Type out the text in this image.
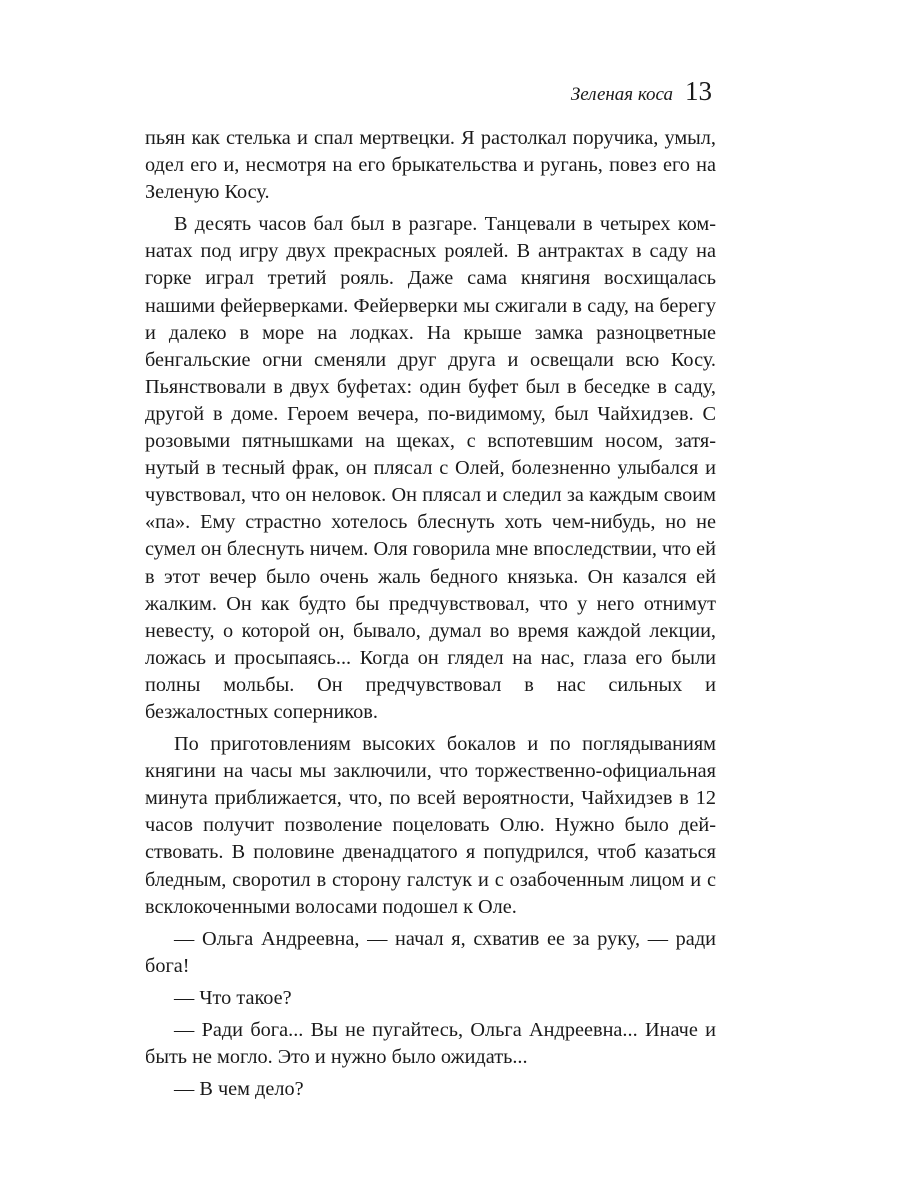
Зеленая коса 13

пьян как стелька и спал мертвецки. Я растолкал поручика, умыл, одел его и, несмотря на его брыкательства и ругань, повез его на Зеленую Косу.

В десять часов бал был в разгаре. Танцевали в четырех комнатах под игру двух прекрасных роялей. В антрактах в саду на горке играл третий рояль. Даже сама княгиня восхищалась нашими фейерверками. Фейерверки мы сжигали в саду, на берегу и далеко в море на лодках. На крыше замка разноцветные бенгальские огни сменяли друг друга и освещали всю Косу. Пьянствовали в двух буфетах: один буфет был в беседке в саду, другой в доме. Героем вечера, по-видимому, был Чайхидзев. С розовыми пятнышками на щеках, с вспотевшим носом, затянутый в тесный фрак, он плясал с Олей, болезненно улыбался и чувствовал, что он неловок. Он плясал и следил за каждым своим «па». Ему страстно хотелось блеснуть хоть чем-нибудь, но не сумел он блеснуть ничем. Оля говорила мне впоследствии, что ей в этот вечер было очень жаль бедного князька. Он казался ей жалким. Он как будто бы предчувствовал, что у него отнимут невесту, о которой он, бывало, думал во время каждой лекции, ложась и просыпаясь... Когда он глядел на нас, глаза его были полны мольбы. Он предчувствовал в нас сильных и безжалостных соперников.

По приготовлениям высоких бокалов и по поглядываниям княгини на часы мы заключили, что торжественно-официальная минута приближается, что, по всей вероятности, Чайхидзев в 12 часов получит позволение поцеловать Олю. Нужно было действовать. В половине двенадцатого я попудрился, чтоб казаться бледным, своротил в сторону галстук и с озабоченным лицом и с всклокоченными волосами подошел к Оле.

— Ольга Андреевна, — начал я, схватив ее за руку, — ради бога!

— Что такое?

— Ради бога... Вы не пугайтесь, Ольга Андреевна... Иначе и быть не могло. Это и нужно было ожидать...

— В чем дело?
